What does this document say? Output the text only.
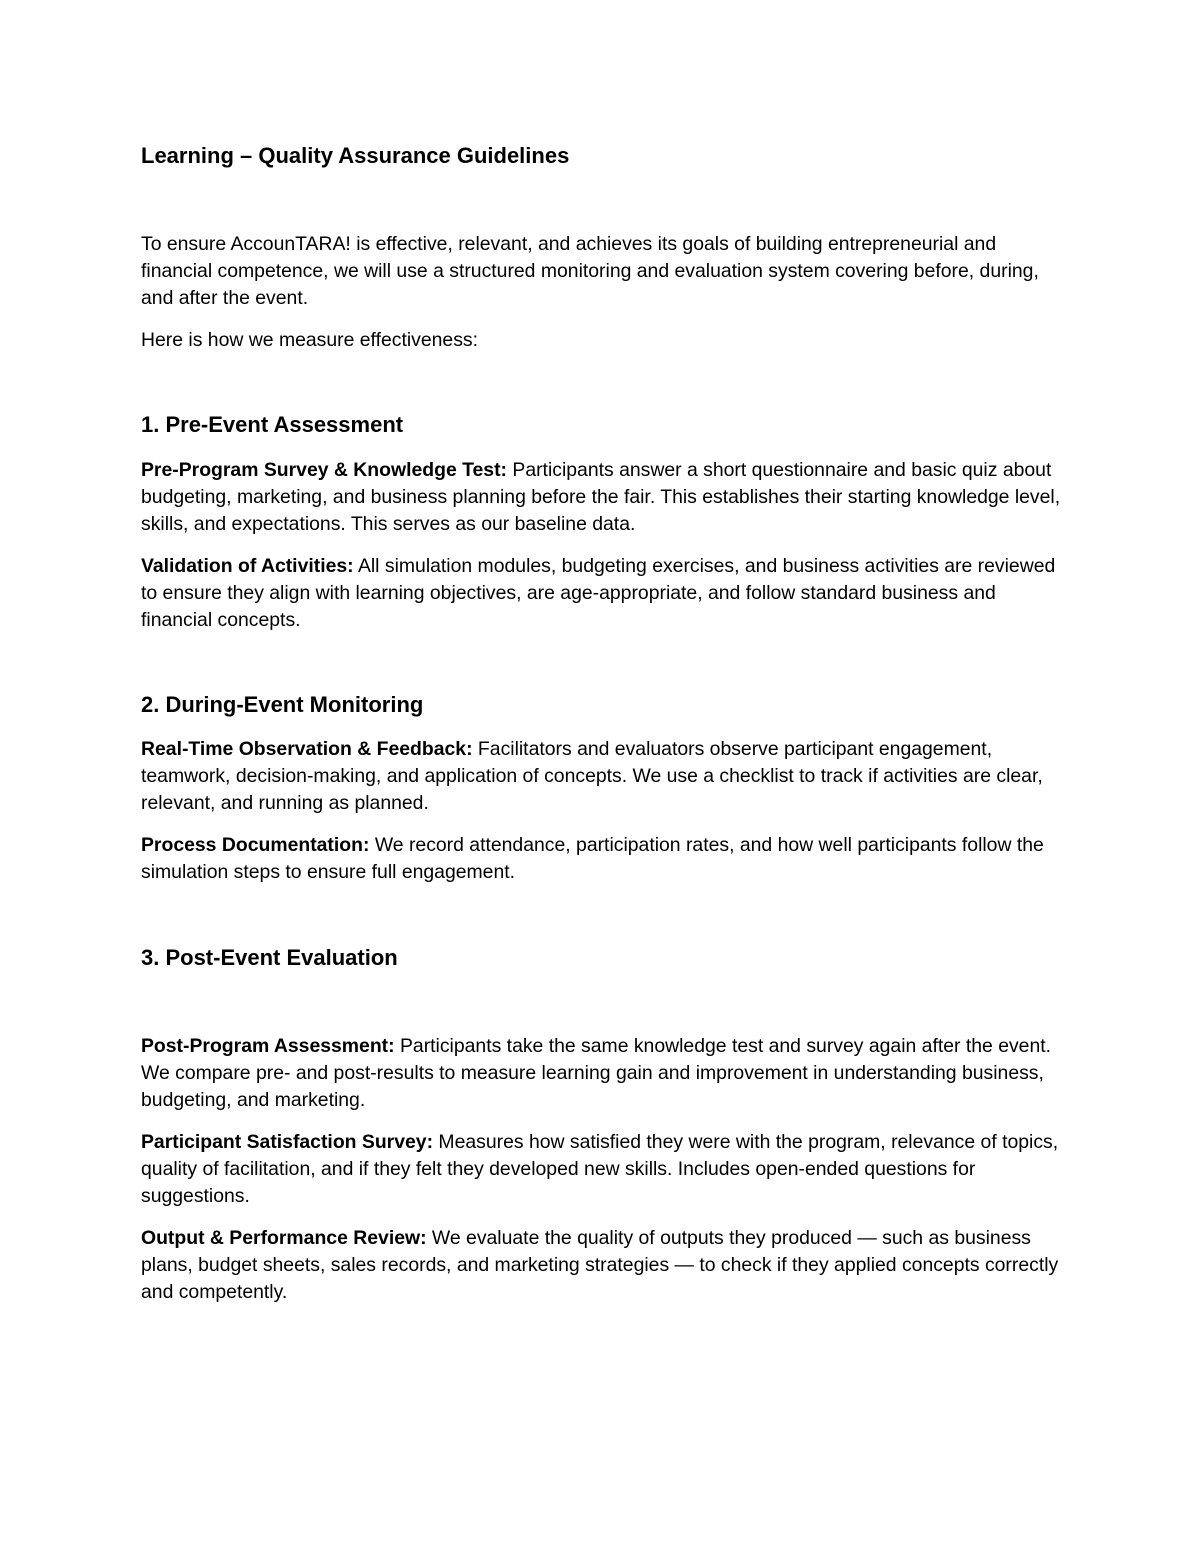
Learning – Quality Assurance Guidelines

To ensure AccounTARA! is effective, relevant, and achieves its goals of building entrepreneurial and financial competence, we will use a structured monitoring and evaluation system covering before, during, and after the event.

Here is how we measure effectiveness:

1. Pre-Event Assessment

Pre-Program Survey & Knowledge Test: Participants answer a short questionnaire and basic quiz about budgeting, marketing, and business planning before the fair. This establishes their starting knowledge level, skills, and expectations. This serves as our baseline data.

Validation of Activities: All simulation modules, budgeting exercises, and business activities are reviewed to ensure they align with learning objectives, are age-appropriate, and follow standard business and financial concepts.

2. During-Event Monitoring

Real-Time Observation & Feedback: Facilitators and evaluators observe participant engagement, teamwork, decision-making, and application of concepts. We use a checklist to track if activities are clear, relevant, and running as planned.

Process Documentation: We record attendance, participation rates, and how well participants follow the simulation steps to ensure full engagement.

3. Post-Event Evaluation

Post-Program Assessment: Participants take the same knowledge test and survey again after the event. We compare pre- and post-results to measure learning gain and improvement in understanding business, budgeting, and marketing.

Participant Satisfaction Survey: Measures how satisfied they were with the program, relevance of topics, quality of facilitation, and if they felt they developed new skills. Includes open-ended questions for suggestions.

Output & Performance Review: We evaluate the quality of outputs they produced — such as business plans, budget sheets, sales records, and marketing strategies — to check if they applied concepts correctly and competently.
